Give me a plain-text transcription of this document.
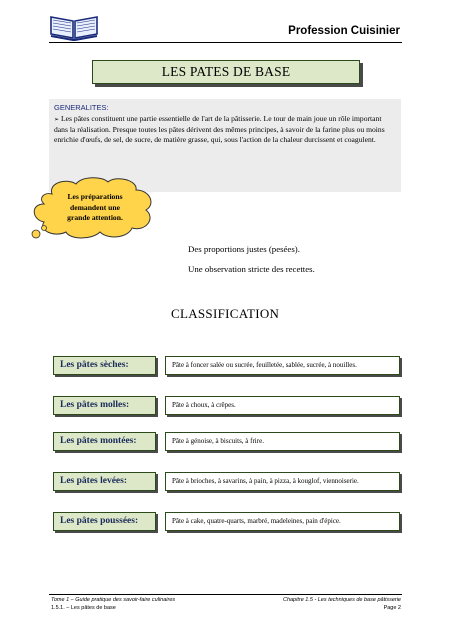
Profession Cuisinier
LES PATES DE BASE
GENERALITES:
➢ Les pâtes constituent une partie essentielle de l'art de la pâtisserie. Le tour de main joue un rôle important dans la réalisation. Presque toutes les pâtes dérivent des mêmes principes, à savoir de la farine plus ou moins enrichie d'œufs, de sel, de sucre, de matière grasse, qui, sous l'action de la chaleur durcissent et coagulent.
Les préparations
demandent une
grande attention.
Des proportions justes (pesées).
Une observation stricte des recettes.
CLASSIFICATION
Les pâtes sèches:	Pâte à foncer salée ou sucrée, feuilletée, sablée, sucrée, à nouilles.
Les pâtes molles:	Pâte à choux, à crêpes.
Les pâtes montées:	Pâte à génoise, à biscuits, à frire.
Les pâtes levées:	Pâte à brioches, à savarins, à pain, à pizza, à kouglof, viennoiserie.
Les pâtes poussées:	Pâte à cake, quatre-quarts, marbré, madeleines, pain d'épice.
Tome 1 – Guide pratique des savoir-faire culinaires
1.5.1. – Les pâtes de base
Chapitre 1.5 - Les techniques de base pâtisserie
Page 2
